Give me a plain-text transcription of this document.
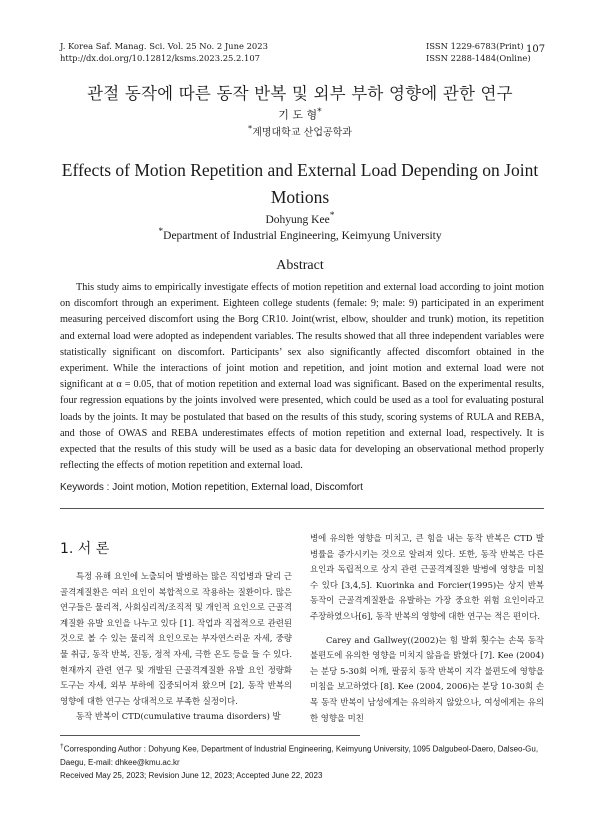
J. Korea Saf. Manag. Sci. Vol. 25 No. 2 June 2023
http://dx.doi.org/10.12812/ksms.2023.25.2.107
ISSN 1229-6783(Print)
ISSN 2288-1484(Online)
107
관절 동작에 따른 동작 반복 및 외부 부하 영향에 관한 연구
기 도 형*
*계명대학교 산업공학과
Effects of Motion Repetition and External Load Depending on Joint Motions
Dohyung Kee*
*Department of Industrial Engineering, Keimyung University
Abstract

This study aims to empirically investigate effects of motion repetition and external load according to joint motion on discomfort through an experiment. Eighteen college students (female: 9; male: 9) participated in an experiment measuring perceived discomfort using the Borg CR10. Joint(wrist, elbow, shoulder and trunk) motion, its repetition and external load were adopted as independent variables. The results showed that all three independent variables were statistically significant on discomfort. Participants’ sex also significantly affected discomfort obtained in the experiment. While the interactions of joint motion and repetition, and joint motion and external load were not significant at α = 0.05, that of motion repetition and external load was significant. Based on the experimental results, four regression equations by the joints involved were presented, which could be used as a tool for evaluating postural loads by the joints. It may be postulated that based on the results of this study, scoring systems of RULA and REBA, and those of OWAS and REBA underestimates effects of motion repetition and external load, respectively. It is expected that the results of this study will be used as a basic data for developing an observational method properly reflecting the effects of motion repetition and external load.

Keywords : Joint motion, Motion repetition, External load, Discomfort
1. 서 론

특정 유해 요인에 노출되어 발병하는 많은 직업병과 달리 근골격계질환은 여러 요인이 복합적으로 작용하는 질환이다. 많은 연구들은 물리적, 사회심리적/조직적 및 개인적 요인으로 근골격계질환 유발 요인을 나누고 있다 [1]. 작업과 직접적으로 관련된 것으로 볼 수 있는 물리적 요인으로는 부자연스러운 자세, 중량물 취급, 동작 반복, 진동, 정적 자세, 극한 온도 등을 들 수 있다. 현재까지 관련 연구 및 개발된 근골격계질환 유발 요인 정량화 도구는 자세, 외부 부하에 집중되어져 왔으며 [2], 동작 반복의 영향에 대한 연구는 상대적으로 부족한 실정이다.

동작 반복이 CTD(cumulative trauma disorders) 발

병에 유의한 영향을 미치고, 큰 힘을 내는 동작 반복은 CTD 발병률을 증가시키는 것으로 알려져 있다. 또한, 동작 반복은 다른 요인과 독립적으로 상지 관련 근골격계질환 발병에 영향을 미칠 수 있다 [3,4,5]. Kuorinka and Forcier(1995)는 상지 반복 동작이 근골격계질환을 유발하는 가장 중요한 위험 요인이라고 주장하였으나[6], 동작 반복의 영향에 대한 연구는 적은 편이다.

Carey and Gallwey((2002)는 힘 발휘 횟수는 손목 동작 불편도에 유의한 영향을 미치지 않음을 밝혔다 [7]. Kee (2004)는 분당 5-30회 어깨, 팔꿈치 동작 반복이 지각 불편도에 영향을 미침을 보고하였다 [8]. Kee (2004, 2006)는 분당 10-30회 손목 동작 반복이 남성에게는 유의하지 않았으나, 여성에게는 유의한 영향을 미친

†Corresponding Author : Dohyung Kee, Department of Industrial Engineering, Keimyung University, 1095 Dalgubeol-Daero, Dalseo-Gu, Daegu, E-mail: dhkee@kmu.ac.kr
Received May 25, 2023; Revision June 12, 2023; Accepted June 22, 2023
